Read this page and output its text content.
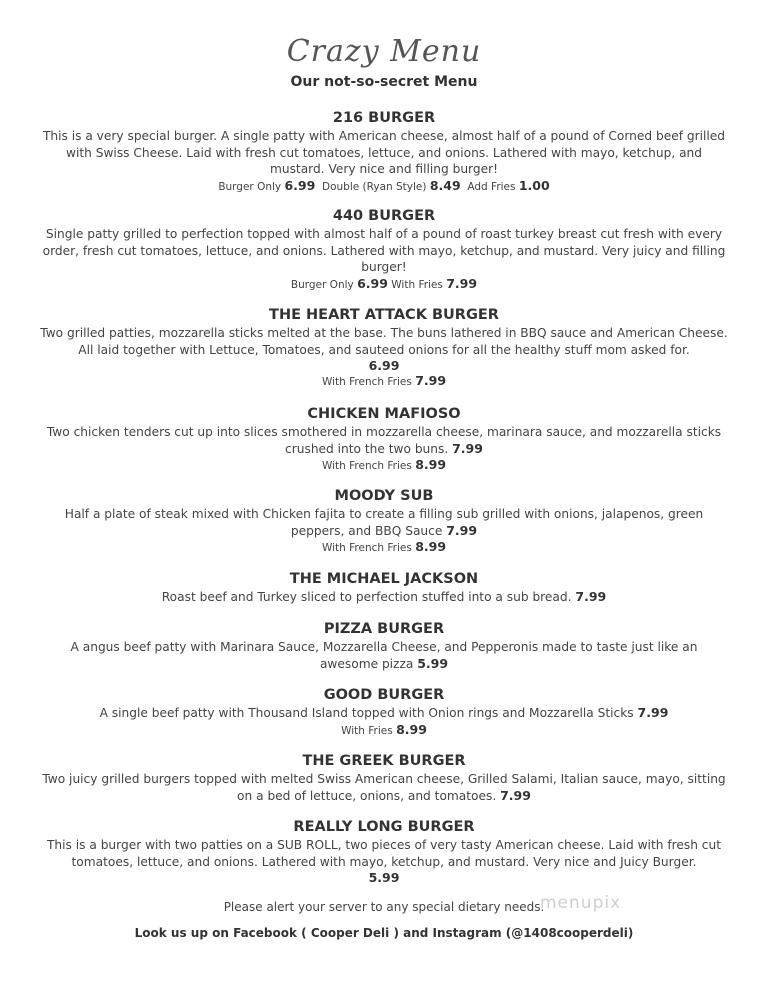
Crazy Menu
Our not-so-secret Menu
216 BURGER

This is a very special burger. A single patty with American cheese, almost half of a pound of Corned beef grilled with Swiss Cheese. Laid with fresh cut tomatoes, lettuce, and onions. Lathered with mayo, ketchup, and mustard. Very nice and filling burger!

Burger Only 6.99 Double (Ryan Style) 8.49 Add Fries 1.00
440 BURGER

Single patty grilled to perfection topped with almost half of a pound of roast turkey breast cut fresh with every order, fresh cut tomatoes, lettuce, and onions. Lathered with mayo, ketchup, and mustard. Very juicy and filling burger!

Burger Only 6.99 With Fries 7.99
THE HEART ATTACK BURGER

Two grilled patties, mozzarella sticks melted at the base. The buns lathered in BBQ sauce and American Cheese. All laid together with Lettuce, Tomatoes, and sauteed onions for all the healthy stuff mom asked for.

6.99
With French Fries 7.99
CHICKEN MAFIOSO

Two chicken tenders cut up into slices smothered in mozzarella cheese, marinara sauce, and mozzarella sticks crushed into the two buns. 7.99

With French Fries 8.99
MOODY SUB

Half a plate of steak mixed with Chicken fajita to create a filling sub grilled with onions, jalapenos, green peppers, and BBQ Sauce 7.99

With French Fries 8.99
THE MICHAEL JACKSON

Roast beef and Turkey sliced to perfection stuffed into a sub bread. 7.99

PIZZA BURGER

A angus beef patty with Marinara Sauce, Mozzarella Cheese, and Pepperonis made to taste just like an awesome pizza 5.99

GOOD BURGER

A single beef patty with Thousand Island topped with Onion rings and Mozzarella Sticks 7.99

With Fries 8.99
THE GREEK BURGER

Two juicy grilled burgers topped with melted Swiss American cheese, Grilled Salami, Italian sauce, mayo, sitting on a bed of lettuce, onions, and tomatoes. 7.99

REALLY LONG BURGER

This is a burger with two patties on a SUB ROLL, two pieces of very tasty American cheese. Laid with fresh cut tomatoes, lettuce, and onions. Lathered with mayo, ketchup, and mustard. Very nice and Juicy Burger.

5.99
Please alert your server to any special dietary needs.
menupix
Look us up on Facebook ( Cooper Deli ) and Instagram (@1408cooperdeli)
